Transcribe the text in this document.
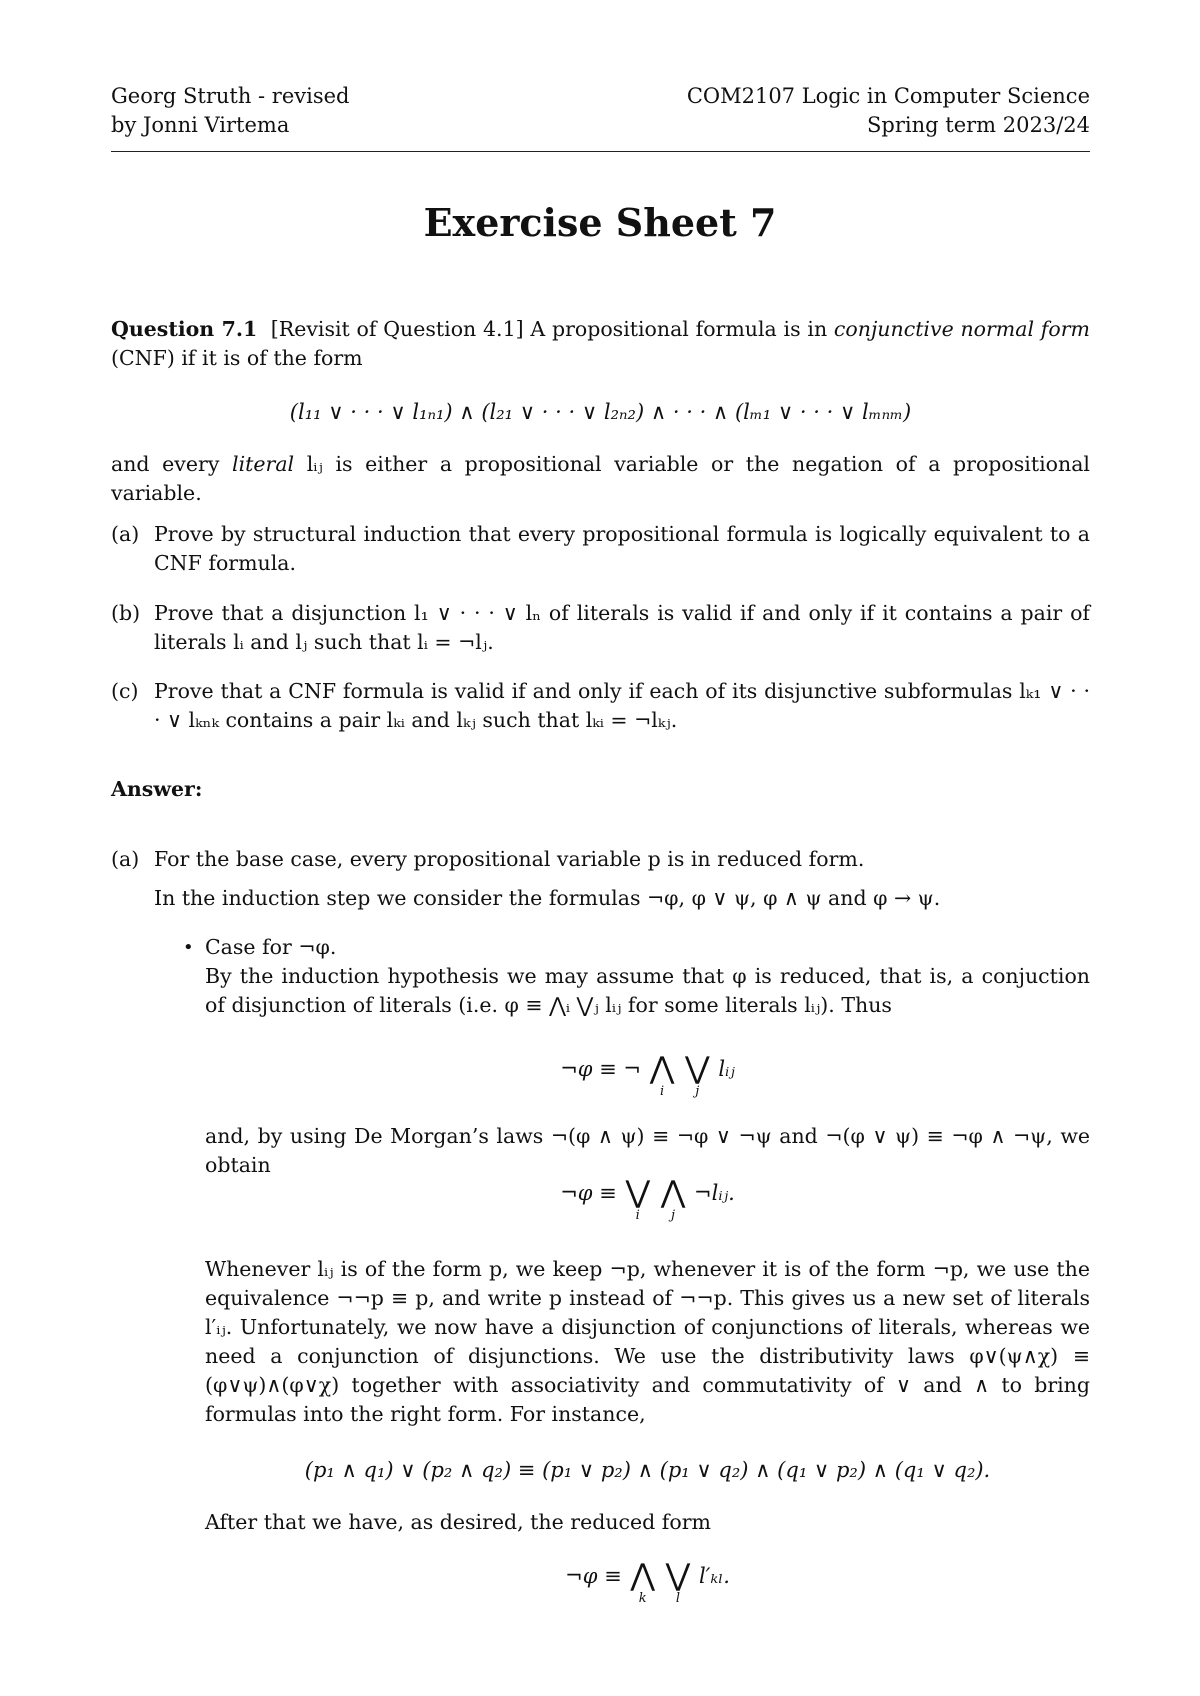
Georg Struth - revised
by Jonni Virtema
COM2107 Logic in Computer Science
Spring term 2023/24
Exercise Sheet 7
Question 7.1 [Revisit of Question 4.1] A propositional formula is in conjunctive normal form (CNF) if it is of the form
(l₁₁ ∨ · · · ∨ l₁ₙ₁) ∧ (l₂₁ ∨ · · · ∨ l₂ₙ₂) ∧ · · · ∧ (lₘ₁ ∨ · · · ∨ lₘₙₘ)
and every literal lᵢⱼ is either a propositional variable or the negation of a propositional variable.
(a) Prove by structural induction that every propositional formula is logically equivalent to a CNF formula.
(b) Prove that a disjunction l₁ ∨ · · · ∨ lₙ of literals is valid if and only if it contains a pair of literals lᵢ and lⱼ such that lᵢ = ¬lⱼ.
(c) Prove that a CNF formula is valid if and only if each of its disjunctive subformulas lₖ₁ ∨ · · · ∨ lₖₙₖ contains a pair lₖᵢ and lₖⱼ such that lₖᵢ = ¬lₖⱼ.
Answer:
(a) For the base case, every propositional variable p is in reduced form.
In the induction step we consider the formulas ¬φ, φ ∨ ψ, φ ∧ ψ and φ → ψ.
• Case for ¬φ.
By the induction hypothesis we may assume that φ is reduced, that is, a conjuction of disjunction of literals (i.e. φ ≡ ⋀ᵢ ⋁ⱼ lᵢⱼ for some literals lᵢⱼ). Thus
¬φ ≡ ¬ ⋀
i

⋁
j
lᵢⱼ
and, by using De Morgan’s laws ¬(φ ∧ ψ) ≡ ¬φ ∨ ¬ψ and ¬(φ ∨ ψ) ≡ ¬φ ∧ ¬ψ, we obtain
¬φ ≡ ⋁
i

⋀
j
¬lᵢⱼ.
Whenever lᵢⱼ is of the form p, we keep ¬p, whenever it is of the form ¬p, we use the equivalence ¬¬p ≡ p, and write p instead of ¬¬p. This gives us a new set of literals l′ᵢⱼ. Unfortunately, we now have a disjunction of conjunctions of literals, whereas we need a conjunction of disjunctions. We use the distributivity laws φ∨(ψ∧χ) ≡ (φ∨ψ)∧(φ∨χ) together with associativity and commutativity of ∨ and ∧ to bring formulas into the right form. For instance,
(p₁ ∧ q₁) ∨ (p₂ ∧ q₂) ≡ (p₁ ∨ p₂) ∧ (p₁ ∨ q₂) ∧ (q₁ ∨ p₂) ∧ (q₁ ∨ q₂).
After that we have, as desired, the reduced form
¬φ ≡ ⋀
k

⋁
l
l′ₖₗ.
